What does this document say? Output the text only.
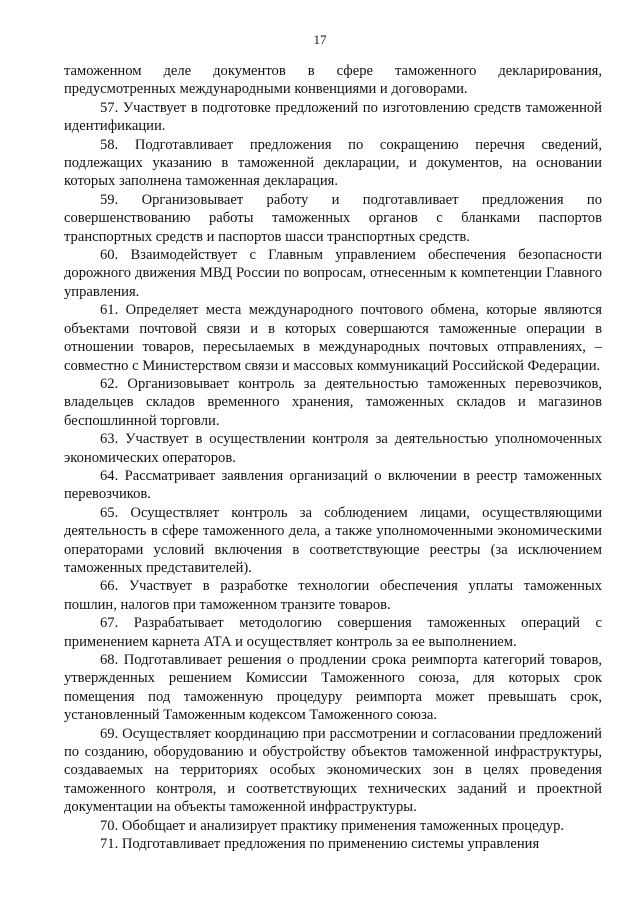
17

таможенном деле документов в сфере таможенного декларирования, предусмотренных международными конвенциями и договорами.

57. Участвует в подготовке предложений по изготовлению средств таможенной идентификации.

58. Подготавливает предложения по сокращению перечня сведений, подлежащих указанию в таможенной декларации, и документов, на основании которых заполнена таможенная декларация.

59. Организовывает работу и подготавливает предложения по совершенствованию работы таможенных органов с бланками паспортов транспортных средств и паспортов шасси транспортных средств.

60. Взаимодействует с Главным управлением обеспечения безопасности дорожного движения МВД России по вопросам, отнесенным к компетенции Главного управления.

61. Определяет места международного почтового обмена, которые являются объектами почтовой связи и в которых совершаются таможенные операции в отношении товаров, пересылаемых в международных почтовых отправлениях, – совместно с Министерством связи и массовых коммуникаций Российской Федерации.

62. Организовывает контроль за деятельностью таможенных перевозчиков, владельцев складов временного хранения, таможенных складов и магазинов беспошлинной торговли.

63. Участвует в осуществлении контроля за деятельностью уполномоченных экономических операторов.

64. Рассматривает заявления организаций о включении в реестр таможенных перевозчиков.

65. Осуществляет контроль за соблюдением лицами, осуществляющими деятельность в сфере таможенного дела, а также уполномоченными экономическими операторами условий включения в соответствующие реестры (за исключением таможенных представителей).

66. Участвует в разработке технологии обеспечения уплаты таможенных пошлин, налогов при таможенном транзите товаров.

67. Разрабатывает методологию совершения таможенных операций с применением карнета АТА и осуществляет контроль за ее выполнением.

68. Подготавливает решения о продлении срока реимпорта категорий товаров, утвержденных решением Комиссии Таможенного союза, для которых срок помещения под таможенную процедуру реимпорта может превышать срок, установленный Таможенным кодексом Таможенного союза.

69. Осуществляет координацию при рассмотрении и согласовании предложений по созданию, оборудованию и обустройству объектов таможенной инфраструктуры, создаваемых на территориях особых экономических зон в целях проведения таможенного контроля, и соответствующих технических заданий и проектной документации на объекты таможенной инфраструктуры.

70. Обобщает и анализирует практику применения таможенных процедур.

71. Подготавливает предложения по применению системы управления
